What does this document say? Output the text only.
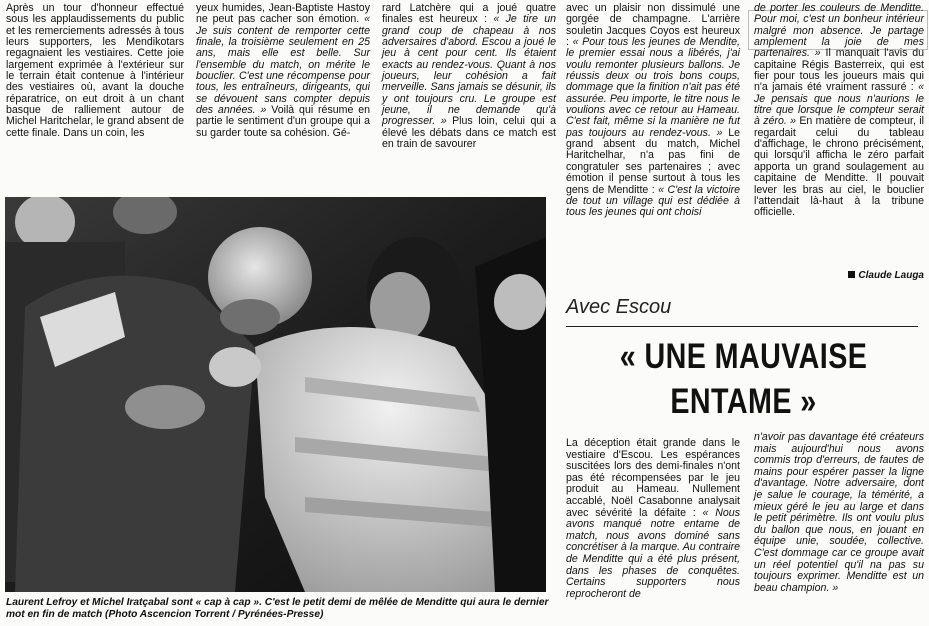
Après un tour d'honneur effectué sous les applaudissements du public et les remerciements adressés à tous leurs supporters, les Mendikotars regagnaient les vestiaires. Cette joie largement exprimée à l'extérieur sur le terrain était contenue à l'intérieur des vestiaires où, avant la douche réparatrice, on eut droit à un chant basque de ralliement autour de Michel Haritchelar, le grand absent de cette finale. Dans un coin, les

yeux humides, Jean-Baptiste Hastoy ne peut pas cacher son émotion. « Je suis content de remporter cette finale, la troisième seulement en 25 ans, mais elle est belle. Sur l'ensemble du match, on mérite le bouclier. C'est une récompense pour tous, les entraîneurs, dirigeants, qui se dévouent sans compter depuis des années. » Voilà qui résume en partie le sentiment d'un groupe qui a su garder toute sa cohésion. Gé-

rard Latchère qui a joué quatre finales est heureux : « Je tire un grand coup de chapeau à nos adversaires d'abord. Escou a joué le jeu à cent pour cent. Ils étaient exacts au rendez-vous. Quant à nos joueurs, leur cohésion a fait merveille. Sans jamais se désunir, ils y ont toujours cru. Le groupe est jeune, il ne demande qu'à progresser. » Plus loin, celui qui a élevé les débats dans ce match est en train de savourer

avec un plaisir non dissimulé une gorgée de champagne. L'arrière souletin Jacques Coyos est heureux : « Pour tous les jeunes de Mendite, le premier essai nous a libérés, j'ai voulu remonter plusieurs ballons. Je réussis deux ou trois bons coups, dommage que la finition n'ait pas été assurée. Peu importe, le titre nous le voulions avec ce retour au Hameau. C'est fait, même si la manière ne fut pas toujours au rendez-vous. » Le grand absent du match, Michel Haritchelhar, n'a pas fini de congratuler ses partenaires ; avec émotion il pense surtout à tous les gens de Menditte : « C'est la victoire de tout un village qui est dédiée à tous les jeunes qui ont choisi

de porter les couleurs de Menditte. Pour moi, c'est un bonheur intérieur malgré mon absence. Je partage amplement la joie de mes partenaires. » Il manquait l'avis du capitaine Régis Basterreix, qui est fier pour tous les joueurs mais qui n'a jamais été vraiment rassuré : « Je pensais que nous n'aurions le titre que lorsque le compteur serait à zéro. » En matière de compteur, il regardait celui du tableau d'affichage, le chrono précisément, qui lorsqu'il afficha le zéro parfait apporta un grand soulagement au capitaine de Menditte. Il pouvait lever les bras au ciel, le bouclier l'attendait là-haut à la tribune officielle.

Claude Lauga
Laurent Lefroy et Michel Iratçabal sont « cap à cap ». C'est le petit demi de mêlée de Menditte qui aura le dernier mot en fin de match (Photo Ascencion Torrent / Pyrénées-Presse)
Avec Escou
« UNE MAUVAISE
ENTAME »
La déception était grande dans le vestiaire d'Escou. Les espérances suscitées lors des demi-finales n'ont pas été récompensées par le jeu produit au Hameau. Nullement accablé, Noël Casabonne analysait avec sévérité la défaite : « Nous avons manqué notre entame de match, nous avons dominé sans concrétiser à la marque. Au contraire de Menditte qui a été plus présent, dans les phases de conquêtes. Certains supporters nous reprocheront de
n'avoir pas davantage été créateurs mais aujourd'hui nous avons commis trop d'erreurs, de fautes de mains pour espérer passer la ligne d'avantage. Notre adversaire, dont je salue le courage, la témérité, a mieux géré le jeu au large et dans le petit périmètre. Ils ont voulu plus du ballon que nous, en jouant en équipe unie, soudée, collective. C'est dommage car ce groupe avait un réel potentiel qu'il na pas su toujours exprimer. Menditte est un beau champion. »
